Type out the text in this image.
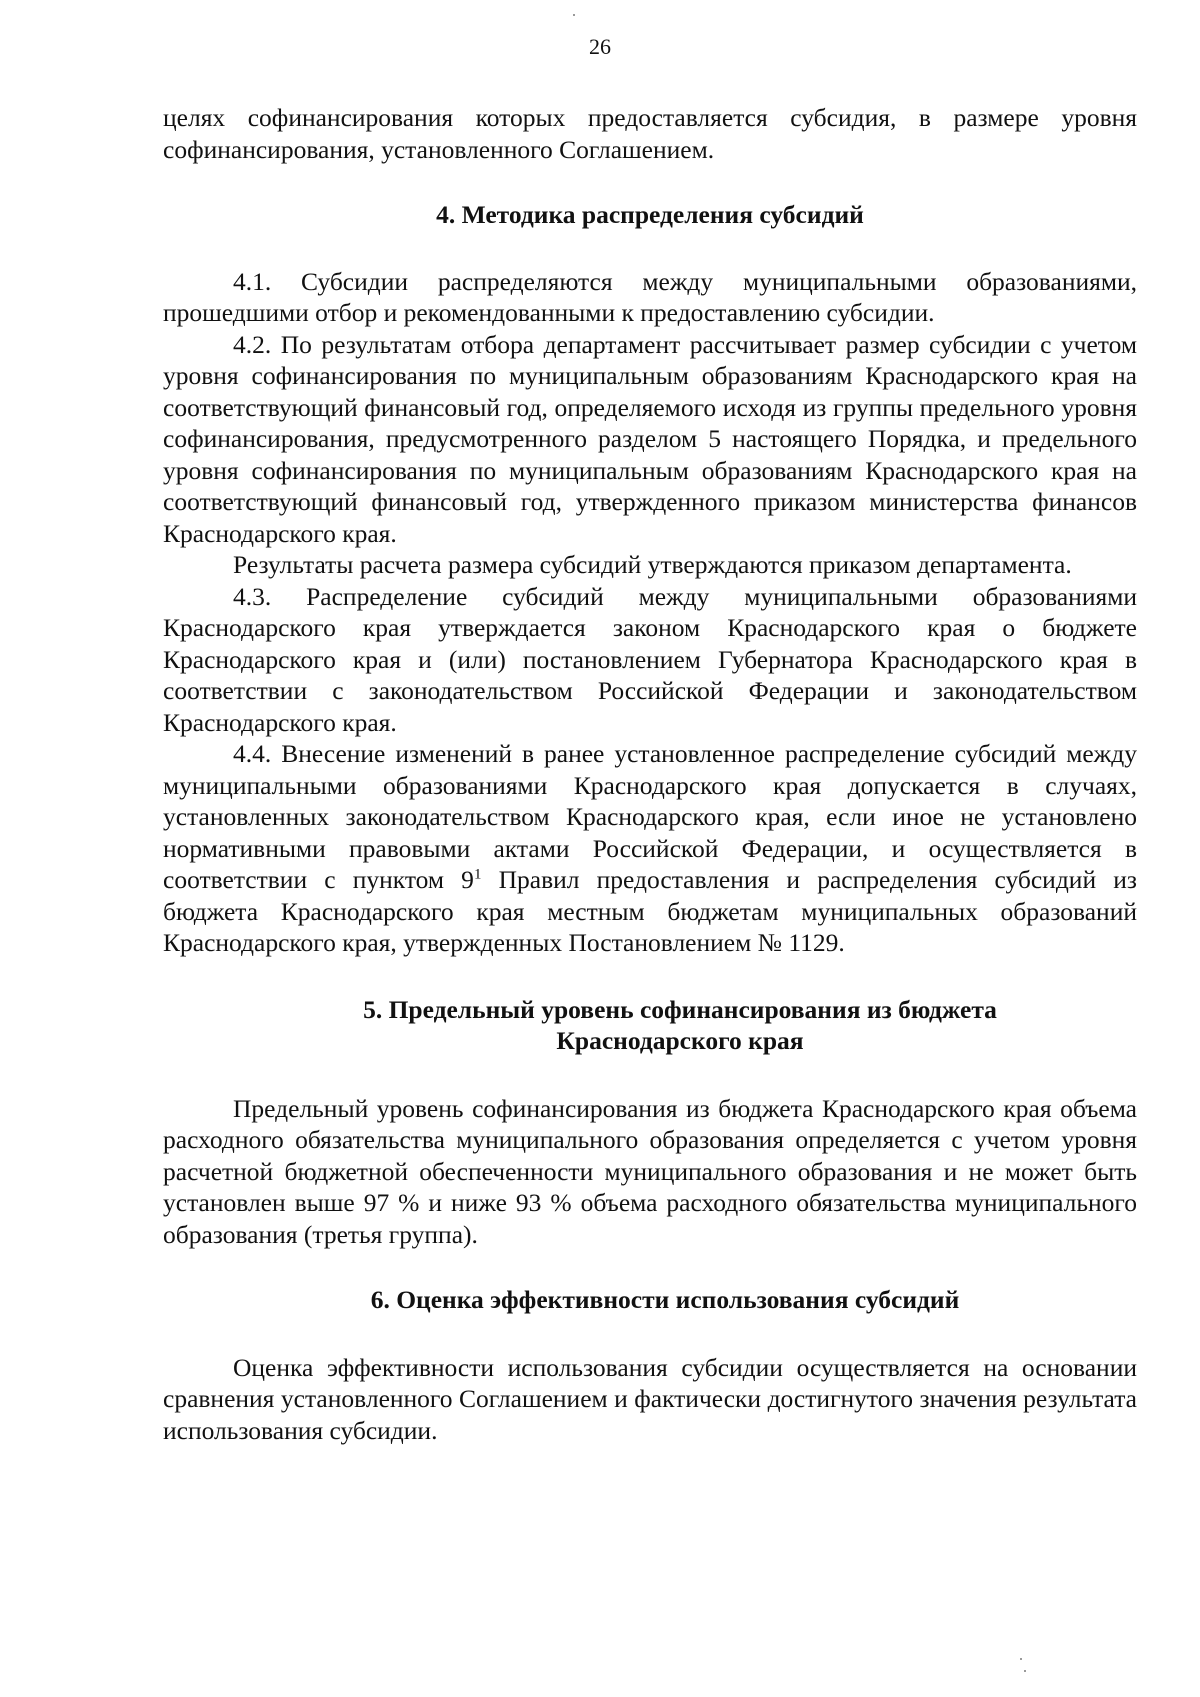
26

целях софинансирования которых предоставляется субсидия, в размере уровня софинансирования, установленного Соглашением.

4. Методика распределения субсидий

4.1. Субсидии распределяются между муниципальными образованиями, прошедшими отбор и рекомендованными к предоставлению субсидии.

4.2. По результатам отбора департамент рассчитывает размер субсидии с учетом уровня софинансирования по муниципальным образованиям Краснодарского края на соответствующий финансовый год, определяемого исходя из группы предельного уровня софинансирования, предусмотренного разделом 5 настоящего Порядка, и предельного уровня софинансирования по муниципальным образованиям Краснодарского края на соответствующий финансовый год, утвержденного приказом министерства финансов Краснодарского края.

Результаты расчета размера субсидий утверждаются приказом департамента.

4.3. Распределение субсидий между муниципальными образованиями Краснодарского края утверждается законом Краснодарского края о бюджете Краснодарского края и (или) постановлением Губернатора Краснодарского края в соответствии с законодательством Российской Федерации и законодательством Краснодарского края.

4.4. Внесение изменений в ранее установленное распределение субсидий между муниципальными образованиями Краснодарского края допускается в случаях, установленных законодательством Краснодарского края, если иное не установлено нормативными правовыми актами Российской Федерации, и осуществляется в соответствии с пунктом $9^1$ Правил предоставления и распределения субсидий из бюджета Краснодарского края местным бюджетам муниципальных образований Краснодарского края, утвержденных Постановлением № 1129.

5. Предельный уровень софинансирования из бюджета
Краснодарского края

Предельный уровень софинансирования из бюджета Краснодарского края объема расходного обязательства муниципального образования определяется с учетом уровня расчетной бюджетной обеспеченности муниципального образования и не может быть установлен выше 97 % и ниже 93 % объема расходного обязательства муниципального образования (третья группа).

6. Оценка эффективности использования субсидий

Оценка эффективности использования субсидии осуществляется на основании сравнения установленного Соглашением и фактически достигнутого значения результата использования субсидии.
